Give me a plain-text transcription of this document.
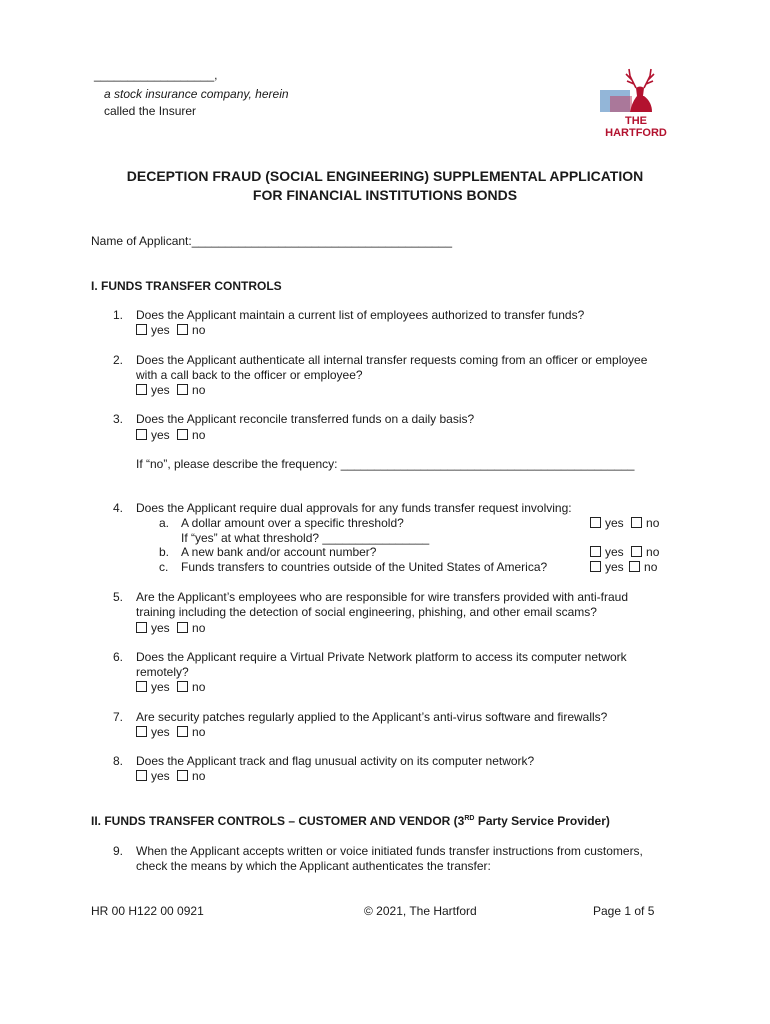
__________________,
a stock insurance company, herein
called the Insurer
THE
HARTFORD
DECEPTION FRAUD (SOCIAL ENGINEERING) SUPPLEMENTAL APPLICATION
FOR FINANCIAL INSTITUTIONS BONDS
Name of Applicant:_______________________________________
I. FUNDS TRANSFER CONTROLS
1. Does the Applicant maintain a current list of employees authorized to transfer funds?
yes no
2. Does the Applicant authenticate all internal transfer requests coming from an officer or employee
with a call back to the officer or employee?
yes no
3. Does the Applicant reconcile transferred funds on a daily basis?
yes no
If “no”, please describe the frequency: ____________________________________________
4. Does the Applicant require dual approvals for any funds transfer request involving:
a. A dollar amount over a specific threshold?	yes no
If “yes” at what threshold? ________________
b. A new bank and/or account number?	yes no
c. Funds transfers to countries outside of the United States of America?	yes no
5. Are the Applicant’s employees who are responsible for wire transfers provided with anti-fraud
training including the detection of social engineering, phishing, and other email scams?
yes no
6. Does the Applicant require a Virtual Private Network platform to access its computer network
remotely?
yes no
7. Are security patches regularly applied to the Applicant’s anti-virus software and firewalls?
yes no
8. Does the Applicant track and flag unusual activity on its computer network?
yes no
II. FUNDS TRANSFER CONTROLS – CUSTOMER AND VENDOR (3RD Party Service Provider)
9. When the Applicant accepts written or voice initiated funds transfer instructions from customers,
check the means by which the Applicant authenticates the transfer:
HR 00 H122 00 0921	© 2021, The Hartford	Page 1 of 5
